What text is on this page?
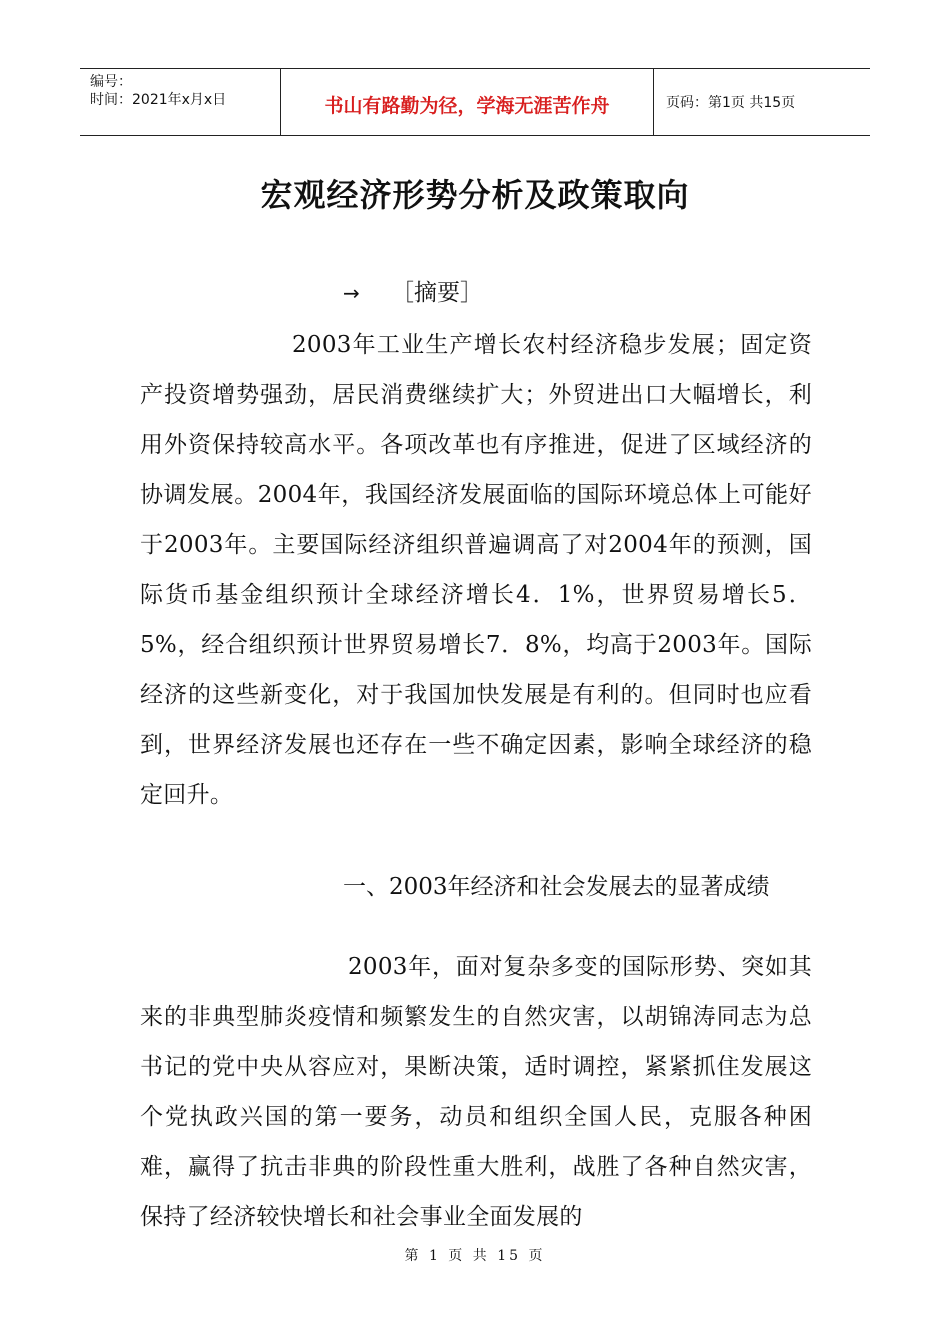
编号：
时间：2021年x月x日	书山有路勤为径，学海无涯苦作舟	页码：第1页 共15页
宏观经济形势分析及政策取向
→ ［摘要］

2003年工业生产增长农村经济稳步发展；固定资产投资增势强劲，居民消费继续扩大；外贸进出口大幅增长，利用外资保持较高水平。各项改革也有序推进，促进了区域经济的协调发展。2004年，我国经济发展面临的国际环境总体上可能好于2003年。主要国际经济组织普遍调高了对2004年的预测，国际货币基金组织预计全球经济增长4．1%，世界贸易增长5．5%，经合组织预计世界贸易增长7．8%，均高于2003年。国际经济的这些新变化，对于我国加快发展是有利的。但同时也应看到，世界经济发展也还存在一些不确定因素，影响全球经济的稳定回升。

一、2003年经济和社会发展去的显著成绩

2003年，面对复杂多变的国际形势、突如其来的非典型肺炎疫情和频繁发生的自然灾害，以胡锦涛同志为总书记的党中央从容应对，果断决策，适时调控，紧紧抓住发展这个党执政兴国的第一要务，动员和组织全国人民，克服各种困难，赢得了抗击非典的阶段性重大胜利，战胜了各种自然灾害，保持了经济较快增长和社会事业全面发展的

第 1 页 共 15 页
